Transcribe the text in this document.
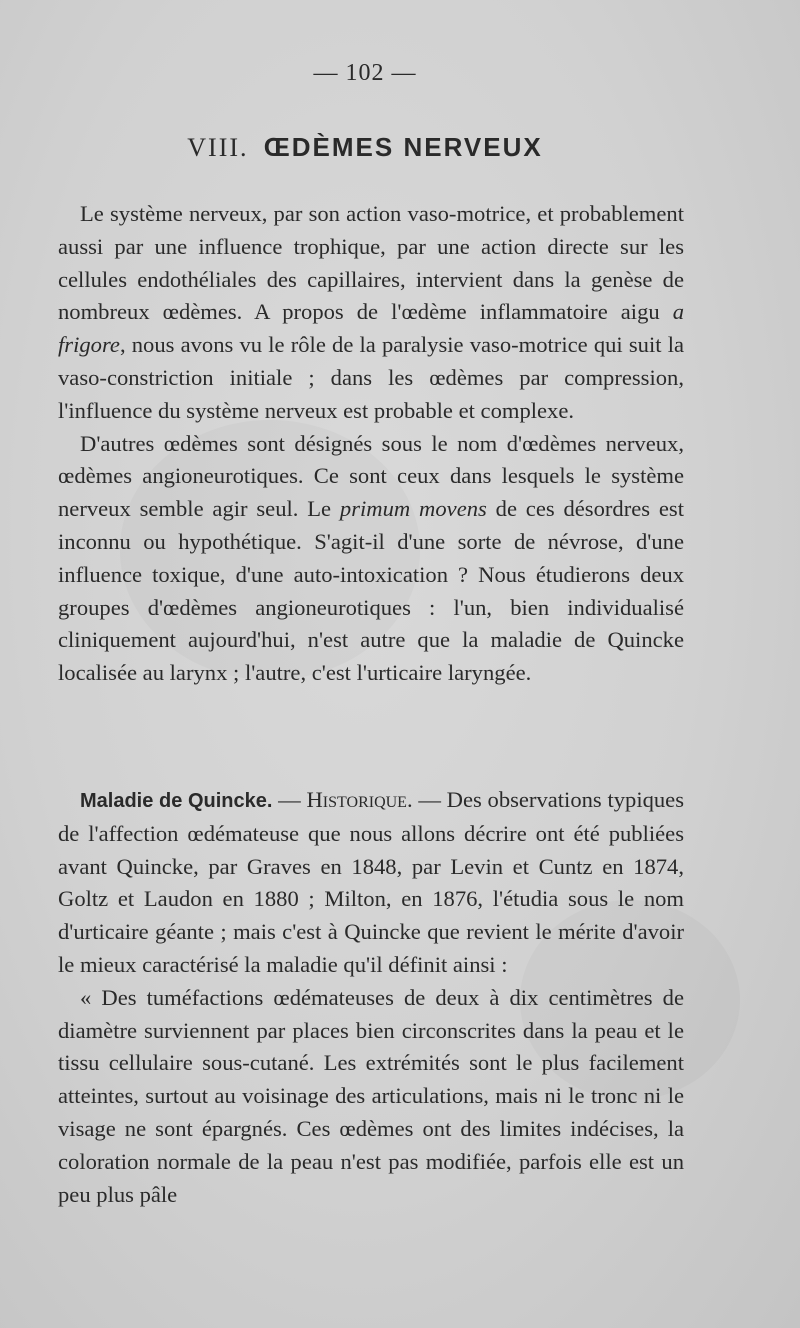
— 102 —
VIII. ŒDÈMES NERVEUX

Le système nerveux, par son action vaso-motrice, et probablement aussi par une influence trophique, par une action directe sur les cellules endothéliales des capillaires, intervient dans la genèse de nombreux œdèmes. A propos de l'œdème inflammatoire aigu a frigore, nous avons vu le rôle de la paralysie vaso-motrice qui suit la vaso-constriction initiale ; dans les œdèmes par compression, l'influence du système nerveux est probable et complexe.

D'autres œdèmes sont désignés sous le nom d'œdèmes nerveux, œdèmes angioneurotiques. Ce sont ceux dans lesquels le système nerveux semble agir seul. Le primum movens de ces désordres est inconnu ou hypothétique. S'agit-il d'une sorte de névrose, d'une influence toxique, d'une auto-intoxication ? Nous étudierons deux groupes d'œdèmes angioneurotiques : l'un, bien individualisé cliniquement aujourd'hui, n'est autre que la maladie de Quincke localisée au larynx ; l'autre, c'est l'urticaire laryngée.

Maladie de Quincke. — Historique. — Des observations typiques de l'affection œdémateuse que nous allons décrire ont été publiées avant Quincke, par Graves en 1848, par Levin et Cuntz en 1874, Goltz et Laudon en 1880 ; Milton, en 1876, l'étudia sous le nom d'urticaire géante ; mais c'est à Quincke que revient le mérite d'avoir le mieux caractérisé la maladie qu'il définit ainsi :

« Des tuméfactions œdémateuses de deux à dix centimètres de diamètre surviennent par places bien circonscrites dans la peau et le tissu cellulaire sous-cutané. Les extrémités sont le plus facilement atteintes, surtout au voisinage des articulations, mais ni le tronc ni le visage ne sont épargnés. Ces œdèmes ont des limites indécises, la coloration normale de la peau n'est pas modifiée, parfois elle est un peu plus pâle
